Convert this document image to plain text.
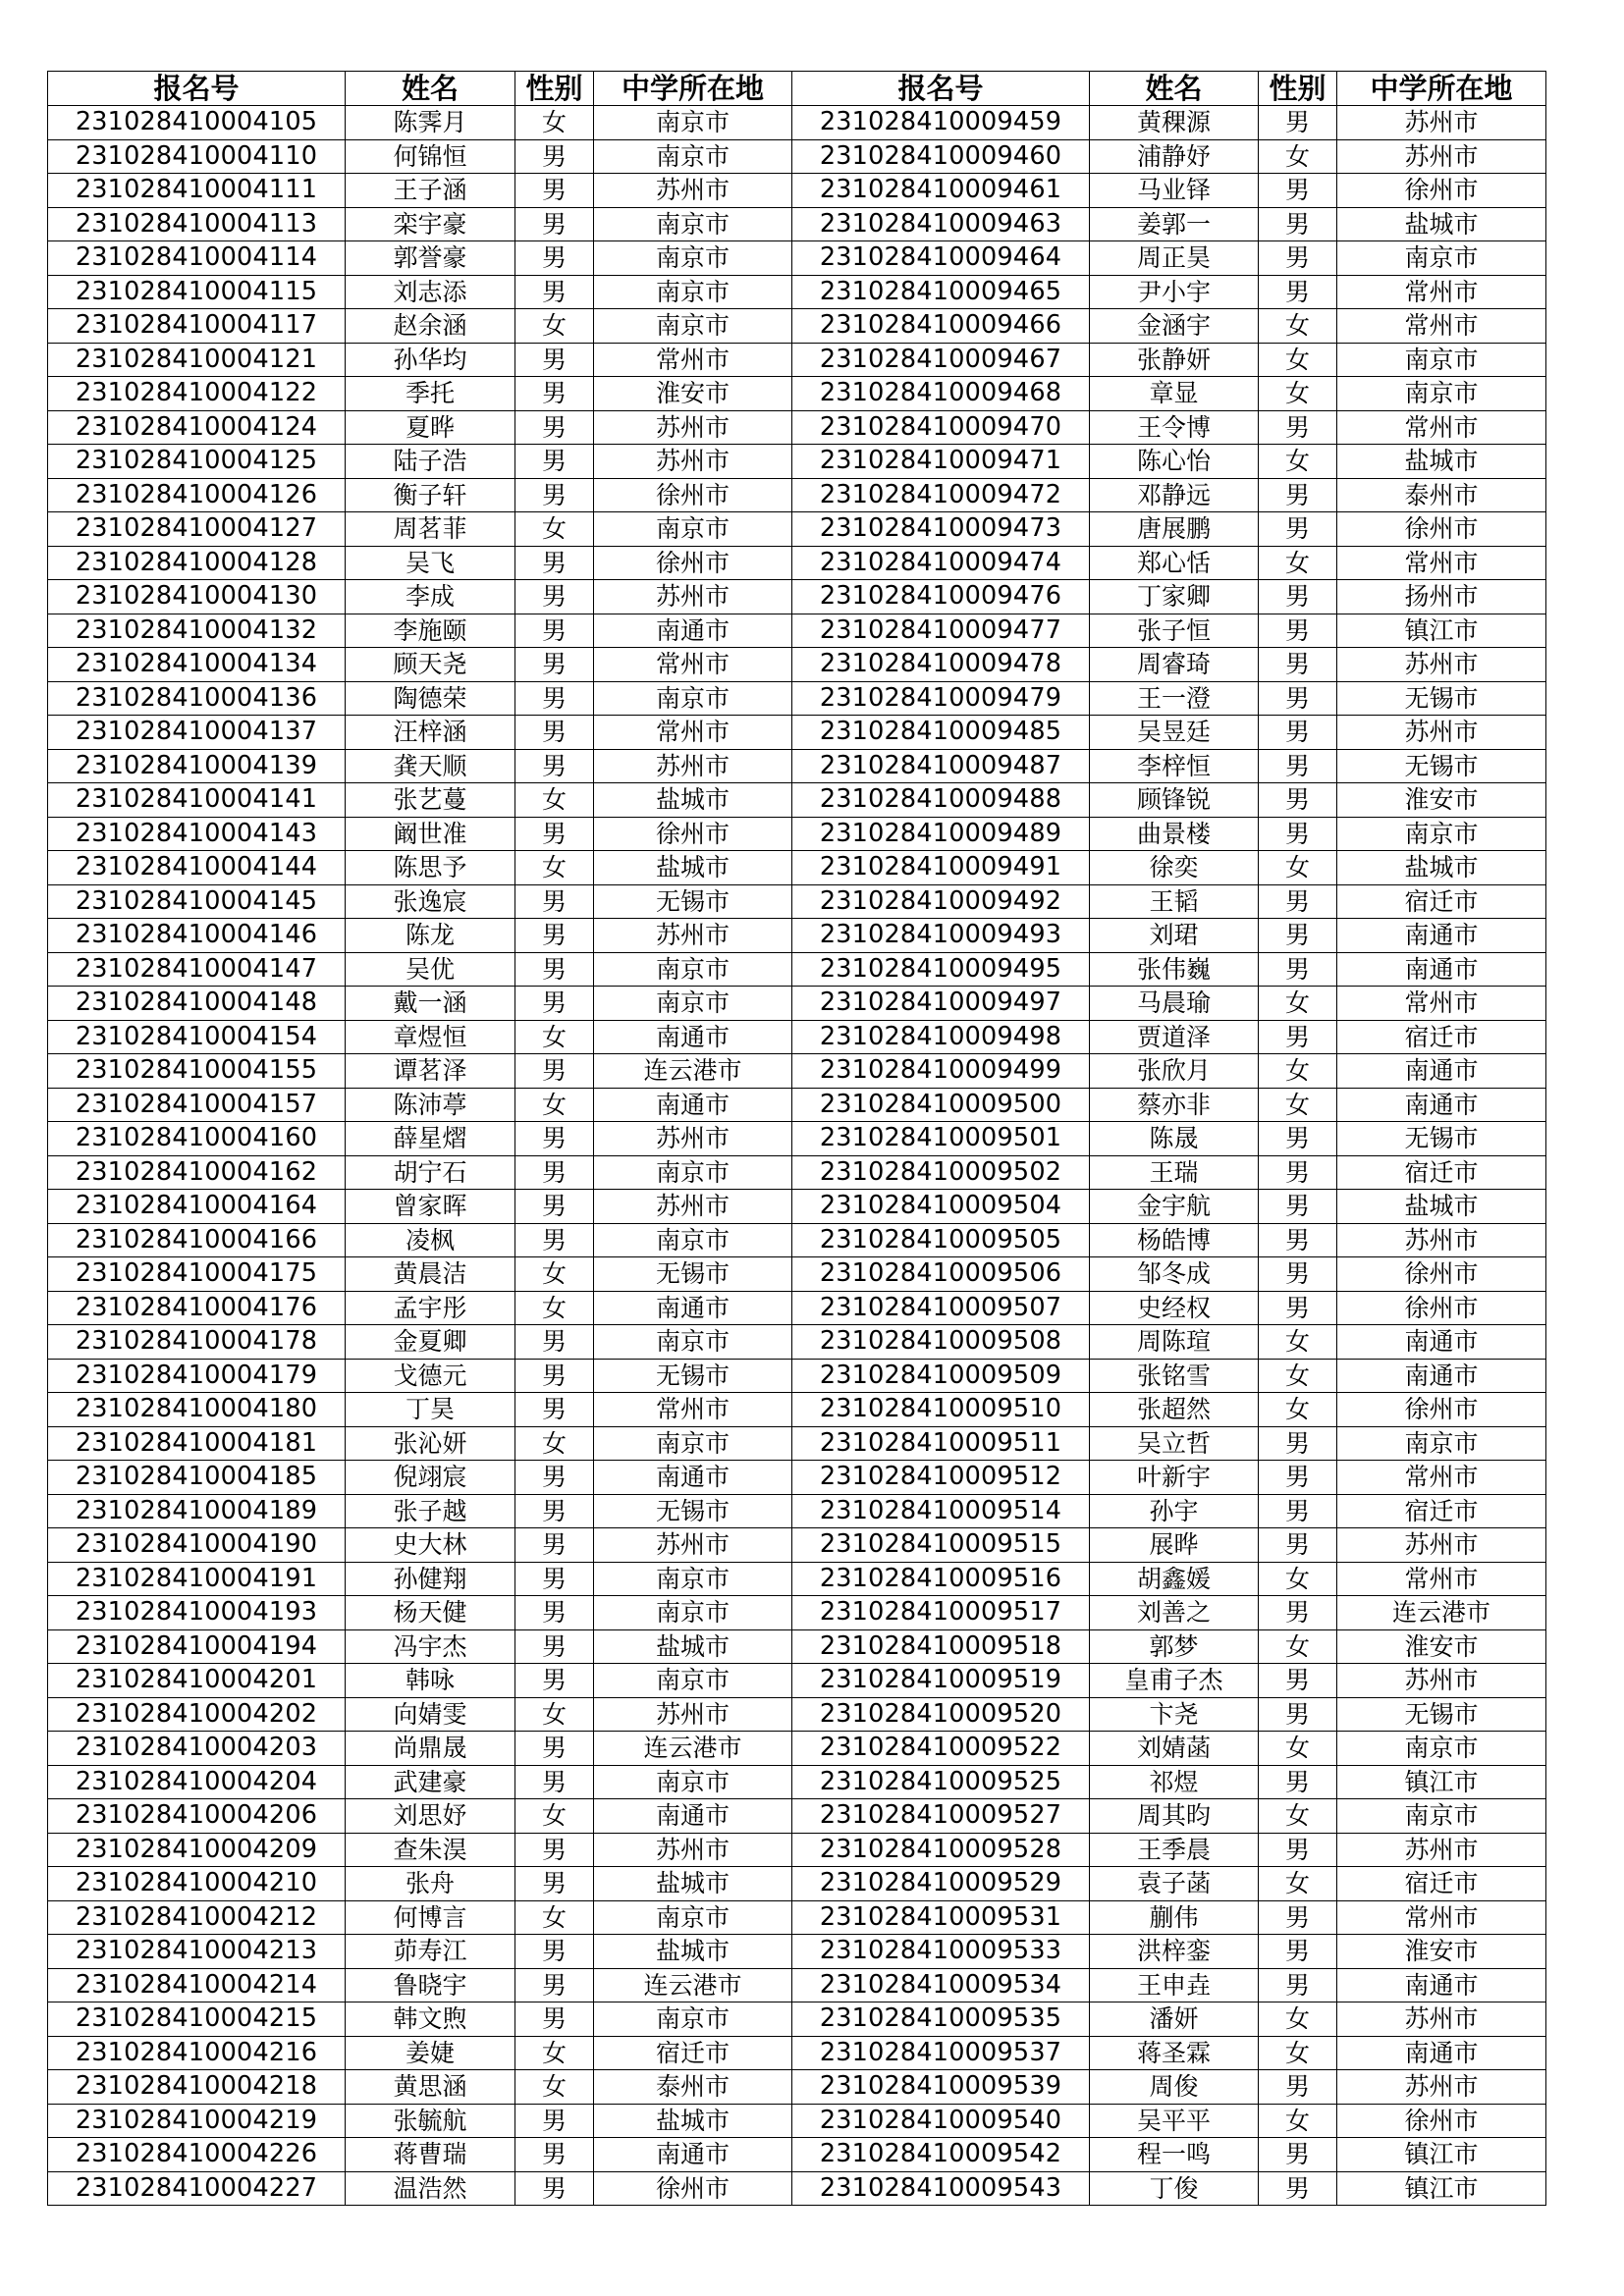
报名号	姓名	性别	中学所在地	报名号	姓名	性别	中学所在地
231028410004105	陈霁月	女	南京市	231028410009459	黄稞源	男	苏州市
231028410004110	何锦恒	男	南京市	231028410009460	浦静妤	女	苏州市
231028410004111	王子涵	男	苏州市	231028410009461	马业铎	男	徐州市
231028410004113	栾宇豪	男	南京市	231028410009463	姜郭一	男	盐城市
231028410004114	郭誉豪	男	南京市	231028410009464	周正昊	男	南京市
231028410004115	刘志添	男	南京市	231028410009465	尹小宇	男	常州市
231028410004117	赵余涵	女	南京市	231028410009466	金涵宇	女	常州市
231028410004121	孙华均	男	常州市	231028410009467	张静妍	女	南京市
231028410004122	季托	男	淮安市	231028410009468	章显	女	南京市
231028410004124	夏晔	男	苏州市	231028410009470	王令博	男	常州市
231028410004125	陆子浩	男	苏州市	231028410009471	陈心怡	女	盐城市
231028410004126	衡子轩	男	徐州市	231028410009472	邓静远	男	泰州市
231028410004127	周茗菲	女	南京市	231028410009473	唐展鹏	男	徐州市
231028410004128	吴飞	男	徐州市	231028410009474	郑心恬	女	常州市
231028410004130	李成	男	苏州市	231028410009476	丁家卿	男	扬州市
231028410004132	李施颐	男	南通市	231028410009477	张子恒	男	镇江市
231028410004134	顾天尧	男	常州市	231028410009478	周睿琦	男	苏州市
231028410004136	陶德荣	男	南京市	231028410009479	王一澄	男	无锡市
231028410004137	汪梓涵	男	常州市	231028410009485	吴昱廷	男	苏州市
231028410004139	龚天顺	男	苏州市	231028410009487	李梓恒	男	无锡市
231028410004141	张艺蔓	女	盐城市	231028410009488	顾锋锐	男	淮安市
231028410004143	阚世准	男	徐州市	231028410009489	曲景楼	男	南京市
231028410004144	陈思予	女	盐城市	231028410009491	徐奕	女	盐城市
231028410004145	张逸宸	男	无锡市	231028410009492	王韬	男	宿迁市
231028410004146	陈龙	男	苏州市	231028410009493	刘珺	男	南通市
231028410004147	吴优	男	南京市	231028410009495	张伟巍	男	南通市
231028410004148	戴一涵	男	南京市	231028410009497	马晨瑜	女	常州市
231028410004154	章煜恒	女	南通市	231028410009498	贾道泽	男	宿迁市
231028410004155	谭茗泽	男	连云港市	231028410009499	张欣月	女	南通市
231028410004157	陈沛葶	女	南通市	231028410009500	蔡亦非	女	南通市
231028410004160	薛星熠	男	苏州市	231028410009501	陈晟	男	无锡市
231028410004162	胡宁石	男	南京市	231028410009502	王瑞	男	宿迁市
231028410004164	曾家晖	男	苏州市	231028410009504	金宇航	男	盐城市
231028410004166	凌枫	男	南京市	231028410009505	杨皓博	男	苏州市
231028410004175	黄晨洁	女	无锡市	231028410009506	邹冬成	男	徐州市
231028410004176	孟宇彤	女	南通市	231028410009507	史经权	男	徐州市
231028410004178	金夏卿	男	南京市	231028410009508	周陈瑄	女	南通市
231028410004179	戈德元	男	无锡市	231028410009509	张铭雪	女	南通市
231028410004180	丁昊	男	常州市	231028410009510	张超然	女	徐州市
231028410004181	张沁妍	女	南京市	231028410009511	吴立哲	男	南京市
231028410004185	倪翊宸	男	南通市	231028410009512	叶新宇	男	常州市
231028410004189	张子越	男	无锡市	231028410009514	孙宇	男	宿迁市
231028410004190	史大林	男	苏州市	231028410009515	展晔	男	苏州市
231028410004191	孙健翔	男	南京市	231028410009516	胡鑫媛	女	常州市
231028410004193	杨天健	男	南京市	231028410009517	刘善之	男	连云港市
231028410004194	冯宇杰	男	盐城市	231028410009518	郭梦	女	淮安市
231028410004201	韩咏	男	南京市	231028410009519	皇甫子杰	男	苏州市
231028410004202	向婧雯	女	苏州市	231028410009520	卞尧	男	无锡市
231028410004203	尚鼎晟	男	连云港市	231028410009522	刘婧菡	女	南京市
231028410004204	武建豪	男	南京市	231028410009525	祁煜	男	镇江市
231028410004206	刘思妤	女	南通市	231028410009527	周其昀	女	南京市
231028410004209	查朱淏	男	苏州市	231028410009528	王季晨	男	苏州市
231028410004210	张舟	男	盐城市	231028410009529	袁子菡	女	宿迁市
231028410004212	何博言	女	南京市	231028410009531	蒯伟	男	常州市
231028410004213	茆寿江	男	盐城市	231028410009533	洪梓銮	男	淮安市
231028410004214	鲁晓宇	男	连云港市	231028410009534	王申垚	男	南通市
231028410004215	韩文煦	男	南京市	231028410009535	潘妍	女	苏州市
231028410004216	姜婕	女	宿迁市	231028410009537	蒋圣霖	女	南通市
231028410004218	黄思涵	女	泰州市	231028410009539	周俊	男	苏州市
231028410004219	张毓航	男	盐城市	231028410009540	吴平平	女	徐州市
231028410004226	蒋曹瑞	男	南通市	231028410009542	程一鸣	男	镇江市
231028410004227	温浩然	男	徐州市	231028410009543	丁俊	男	镇江市
